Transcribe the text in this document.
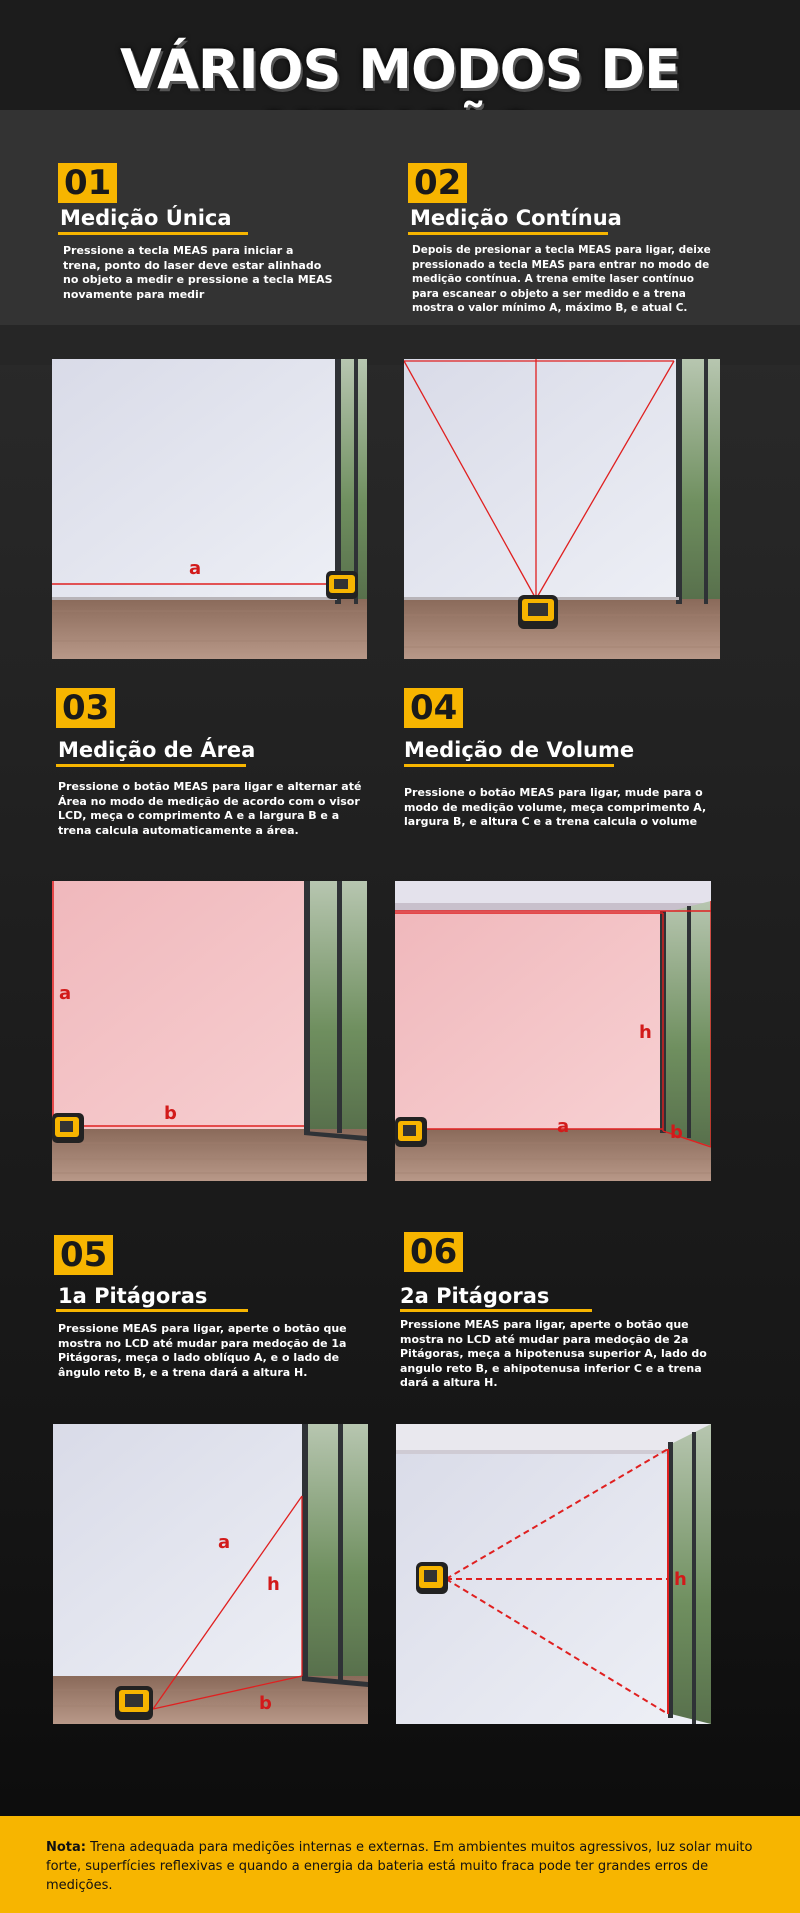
VÁRIOS MODOS DE
01
Medição Única
Pressione a tecla MEAS para iniciar a trena, ponto do laser deve estar alinhado no objeto a medir e pressione a tecla MEAS novamente para medir
a
02
Medição Contínua
Depois de presionar a tecla MEAS para ligar, deixe pressionado a tecla MEAS para entrar no modo de medição contínua. A trena emite laser contínuo para escanear o objeto a ser medido e a trena mostra o valor mínimo A, máximo B, e atual C.
03
Medição de Área
Pressione o botão MEAS para ligar e alternar até Área no modo de medição de acordo com o visor LCD, meça o comprimento A e a largura B e a trena calcula automaticamente a área.
a
b
04
Medição de Volume
Pressione o botão MEAS para ligar, mude para o modo de medição volume, meça comprimento A, largura B, e altura C e a trena calcula o volume
h
a	b
05
1a Pitágoras
Pressione MEAS para ligar, aperte o botão que mostra no LCD até mudar para medoção de 1a Pitágoras, meça o lado oblíquo A, e o lado de ângulo reto B, e a trena dará a altura H.
a
h
b
06
2a Pitágoras
Pressione MEAS para ligar, aperte o botão que mostra no LCD até mudar para medoção de 2a Pitágoras, meça a hipotenusa superior A, lado do angulo reto B, e ahipotenusa inferior C e a trena dará a altura H.
h
Nota: Trena adequada para medições internas e externas. Em ambientes muitos agressivos, luz solar muito forte, superfícies reflexivas e quando a energia da bateria está muito fraca pode ter grandes erros de medições.
